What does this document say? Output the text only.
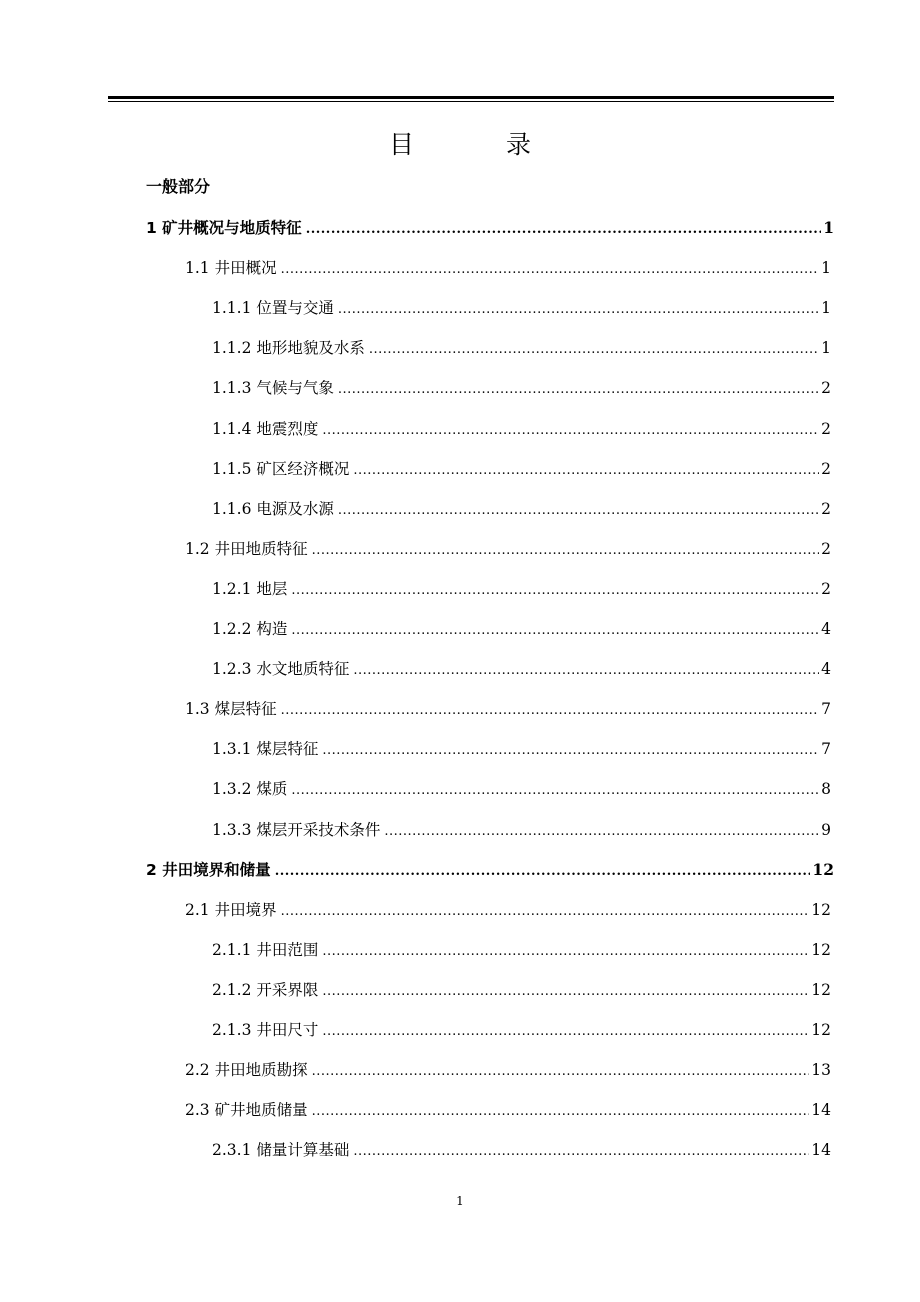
目 录
一般部分
1 矿井概况与地质特征 .....	1
1.1 井田概况 .....	1
1.1.1 位置与交通 .....	1
1.1.2 地形地貌及水系 .....	1
1.1.3 气候与气象 .....	2
1.1.4 地震烈度 .....	2
1.1.5 矿区经济概况 .....	2
1.1.6 电源及水源 .....	2
1.2 井田地质特征 .....	2
1.2.1 地层 .....	2
1.2.2 构造 .....	4
1.2.3 水文地质特征 .....	4
1.3 煤层特征 .....	7
1.3.1 煤层特征 .....	7
1.3.2 煤质 .....	8
1.3.3 煤层开采技术条件 .....	9
2 井田境界和储量 .....	12
2.1 井田境界 .....	12
2.1.1 井田范围 .....	12
2.1.2 开采界限 .....	12
2.1.3 井田尺寸 .....	12
2.2 井田地质勘探 .....	13
2.3 矿井地质储量 .....	14
2.3.1 储量计算基础 .....	14
1
